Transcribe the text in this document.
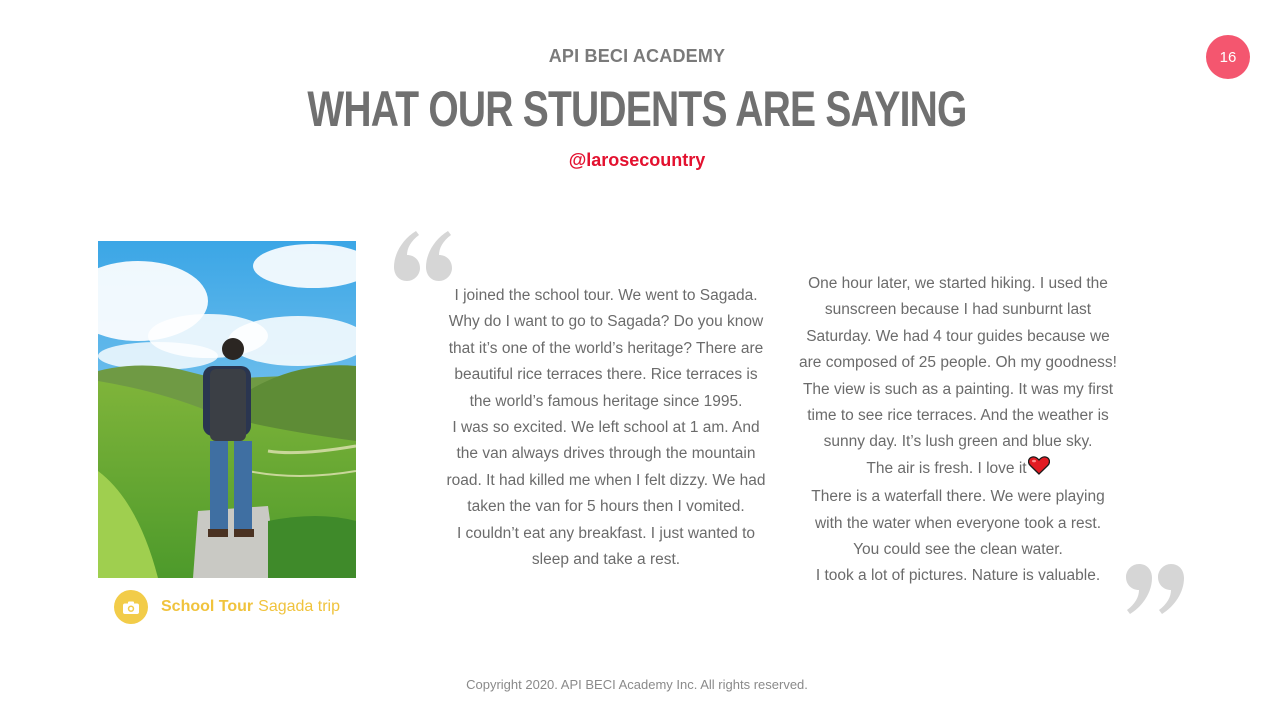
16
API BECI ACADEMY
WHAT OUR STUDENTS ARE SAYING
@larosecountry
School Tour Sagada trip
I joined the school tour. We went to Sagada.
Why do I want to go to Sagada? Do you know
that it’s one of the world’s heritage? There are
beautiful rice terraces there. Rice terraces is
the world’s famous heritage since 1995.
I was so excited. We left school at 1 am. And
the van always drives through the mountain
road. It had killed me when I felt dizzy. We had
taken the van for 5 hours then I vomited.
I couldn’t eat any breakfast. I just wanted to
sleep and take a rest.
One hour later, we started hiking. I used the
sunscreen because I had sunburnt last
Saturday. We had 4 tour guides because we
are composed of 25 people. Oh my goodness!
The view is such as a painting. It was my first
time to see rice terraces. And the weather is
sunny day. It’s lush green and blue sky.
The air is fresh. I love it
There is a waterfall there. We were playing
with the water when everyone took a rest.
You could see the clean water.
I took a lot of pictures. Nature is valuable.
Copyright 2020. API BECI Academy Inc. All rights reserved.
